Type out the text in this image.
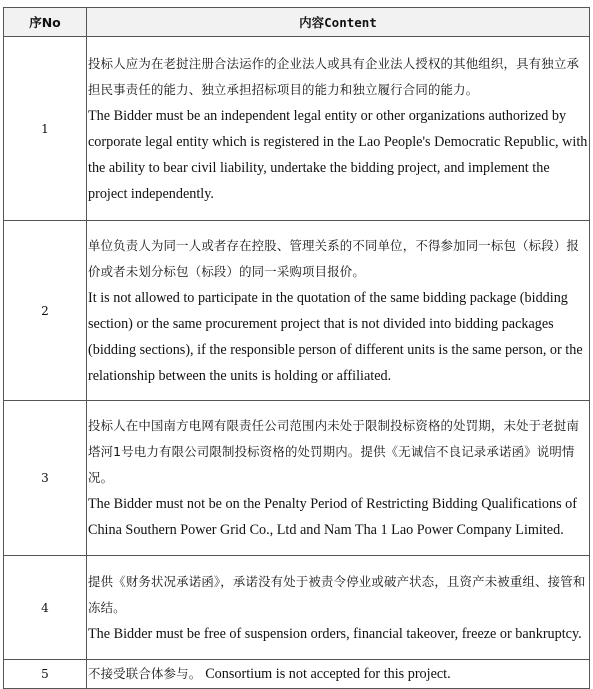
序No	内容Content
1	投标人应为在老挝注册合法运作的企业法人或具有企业法人授权的其他组织，具有独立承担民事责任的能力、独立承担招标项目的能力和独立履行合同的能力。

The Bidder must be an independent legal entity or other organizations authorized by corporate legal entity which is registered in the Lao People's Democratic Republic, with the ability to bear civil liability, undertake the bidding project, and implement the project independently.

2	单位负责人为同一人或者存在控股、管理关系的不同单位，不得参加同一标包（标段）报价或者未划分标包（标段）的同一采购项目报价。

It is not allowed to participate in the quotation of the same bidding package (bidding section) or the same procurement project that is not divided into bidding packages (bidding sections), if the responsible person of different units is the same person, or the relationship between the units is holding or affiliated.

3	投标人在中国南方电网有限责任公司范围内未处于限制投标资格的处罚期，未处于老挝南塔河1号电力有限公司限制投标资格的处罚期内。提供《无诚信不良记录承诺函》说明情况。

The Bidder must not be on the Penalty Period of Restricting Bidding Qualifications of China Southern Power Grid Co., Ltd and Nam Tha 1 Lao Power Company Limited.

4	提供《财务状况承诺函》，承诺没有处于被责令停业或破产状态，且资产未被重组、接管和冻结。

The Bidder must be free of suspension orders, financial takeover, freeze or bankruptcy.

5	不接受联合体参与。 Consortium is not accepted for this project.
